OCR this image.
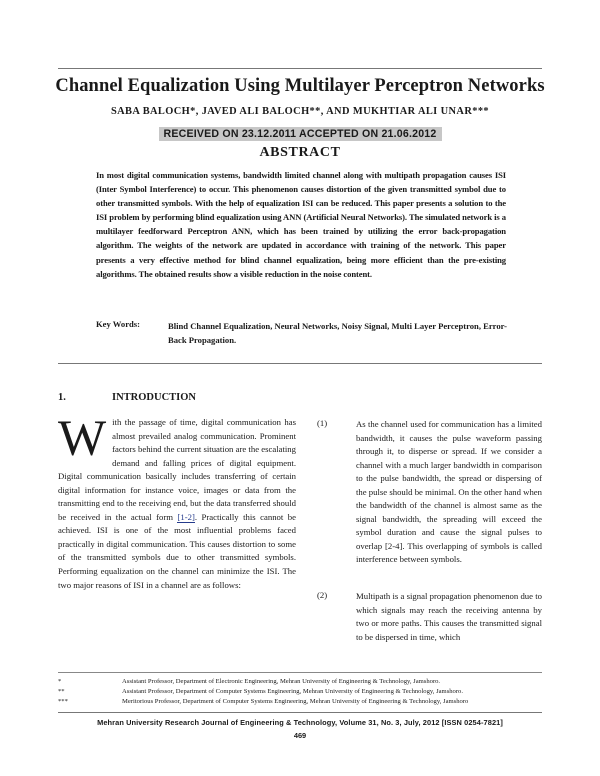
Channel Equalization Using Multilayer Perceptron Networks
SABA BALOCH*, JAVED ALI BALOCH**, AND MUKHTIAR ALI UNAR***
RECEIVED ON 23.12.2011 ACCEPTED ON 21.06.2012
ABSTRACT

In most digital communication systems, bandwidth limited channel along with multipath propagation causes ISI (Inter Symbol Interference) to occur. This phenomenon causes distortion of the given transmitted symbol due to other transmitted symbols. With the help of equalization ISI can be reduced. This paper presents a solution to the ISI problem by performing blind equalization using ANN (Artificial Neural Networks). The simulated network is a multilayer feedforward Perceptron ANN, which has been trained by utilizing the error back-propagation algorithm. The weights of the network are updated in accordance with training of the network. This paper presents a very effective method for blind channel equalization, being more efficient than the pre-existing algorithms. The obtained results show a visible reduction in the noise content.

Key Words:	Blind Channel Equalization, Neural Networks, Noisy Signal, Multi Layer Perceptron, Error-Back Propagation.

1.	INTRODUCTION

With the passage of time, digital communication has almost prevailed analog communication. Prominent factors behind the current situation are the escalating demand and falling prices of digital equipment. Digital communication basically includes transferring of certain digital information for instance voice, images or data from the transmitting end to the receiving end, but the data transferred should be received in the actual form [1-2]. Practically this cannot be achieved. ISI is one of the most influential problems faced practically in digital communication. This causes distortion to some of the transmitted symbols due to other transmitted symbols. Performing equalization on the channel can minimize the ISI. The two major reasons of ISI in a channel are as follows:

(1)	As the channel used for communication has a limited bandwidth, it causes the pulse waveform passing through it, to disperse or spread. If we consider a channel with a much larger bandwidth in comparison to the pulse bandwidth, the spread or dispersing of the pulse should be minimal. On the other hand when the bandwidth of the channel is almost same as the signal bandwidth, the spreading will exceed the symbol duration and cause the signal pulses to overlap [2-4]. This overlapping of symbols is called interference between symbols.

(2)	Multipath is a signal propagation phenomenon due to which signals may reach the receiving antenna by two or more paths. This causes the transmitted signal to be dispersed in time, which

*	Assistant Professor, Department of Electronic Engineering, Mehran University of Engineering & Technology, Jamshoro.
**	Assistant Professor, Department of Computer Systems Engineering, Mehran University of Engineering & Technology, Jamshoro.
***	Meritorious Professor, Department of Computer Systems Engineering, Mehran University of Engineering & Technology, Jamshoro
Mehran University Research Journal of Engineering & Technology, Volume 31, No. 3, July, 2012 [ISSN 0254-7821]
469
